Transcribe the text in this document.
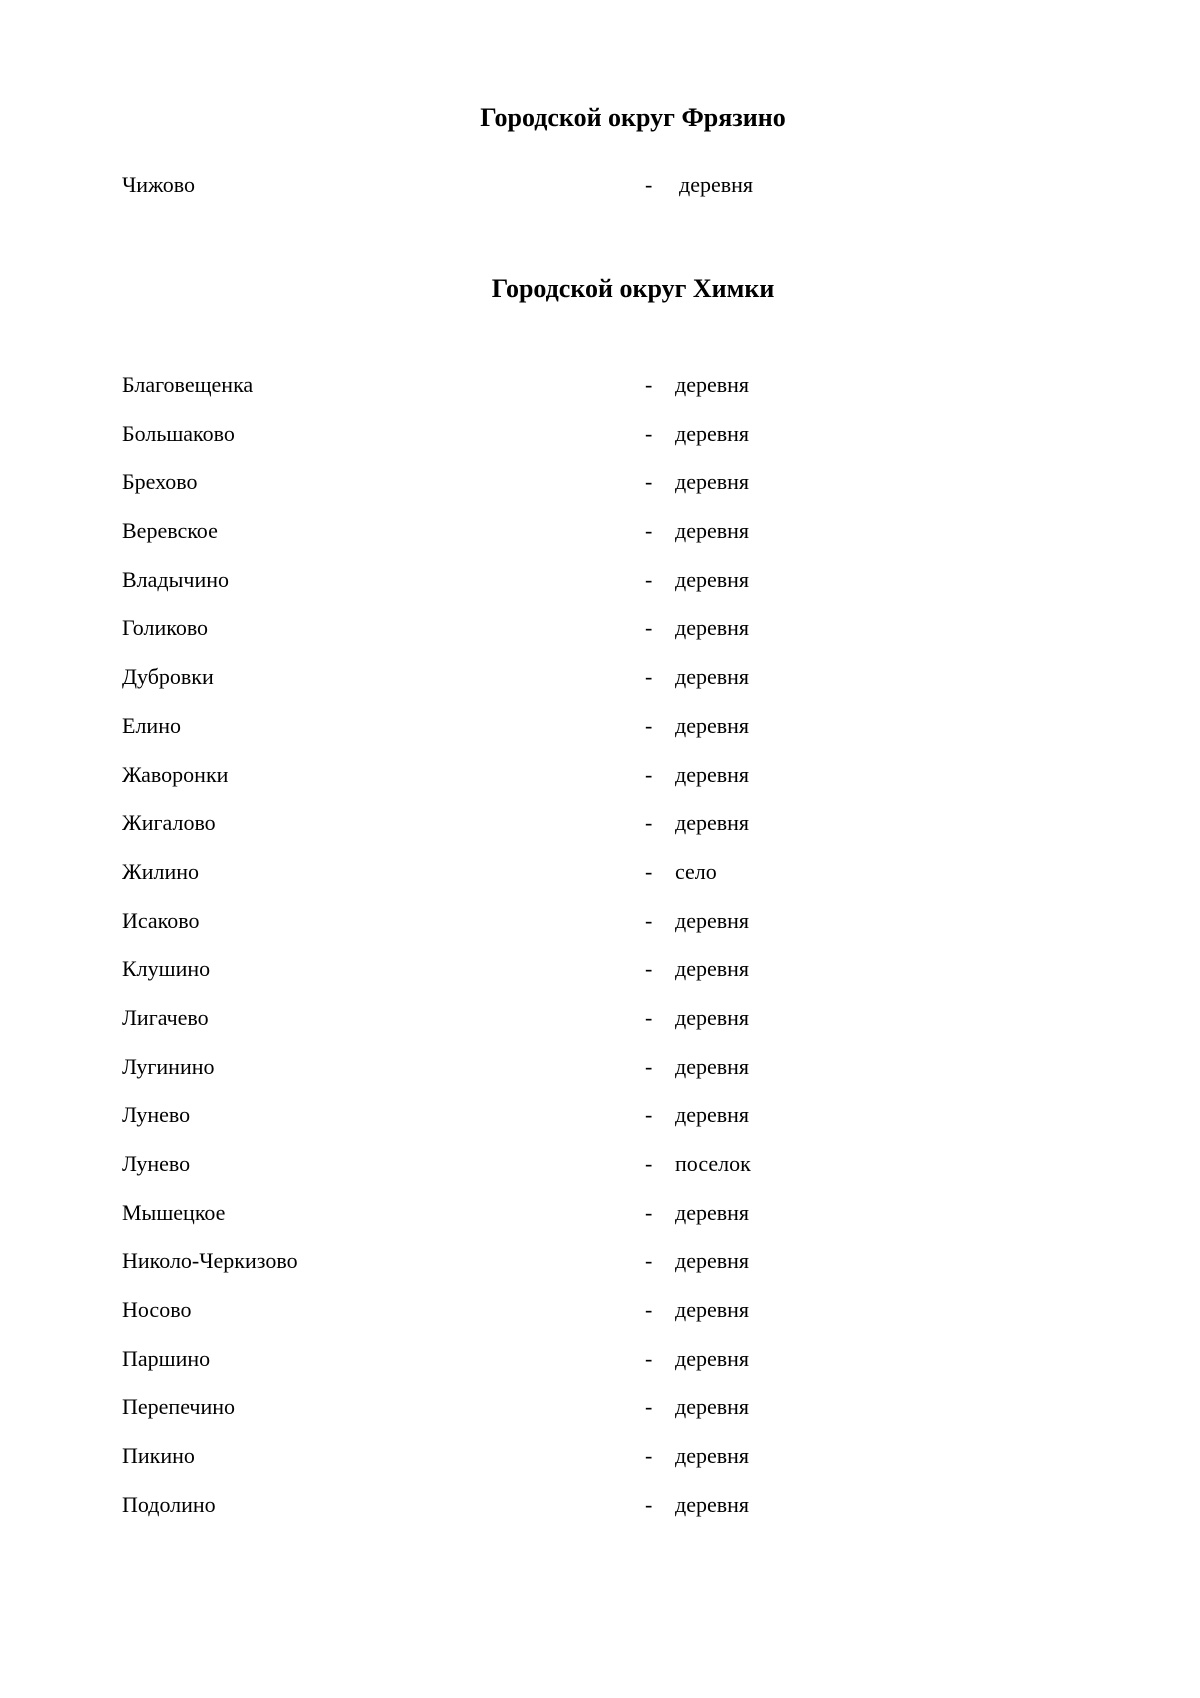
Городской округ Фрязино
Чижово	- деревня
Городской округ Химки
Благовещенка	- деревня
Большаково	- деревня
Брехово	- деревня
Веревское	- деревня
Владычино	- деревня
Голиково	- деревня
Дубровки	- деревня
Елино	- деревня
Жаворонки	- деревня
Жигалово	- деревня
Жилино	- село
Исаково	- деревня
Клушино	- деревня
Лигачево	- деревня
Лугинино	- деревня
Лунево	- деревня
Лунево	- поселок
Мышецкое	- деревня
Николо-Черкизово	- деревня
Носово	- деревня
Паршино	- деревня
Перепечино	- деревня
Пикино	- деревня
Подолино	- деревня
